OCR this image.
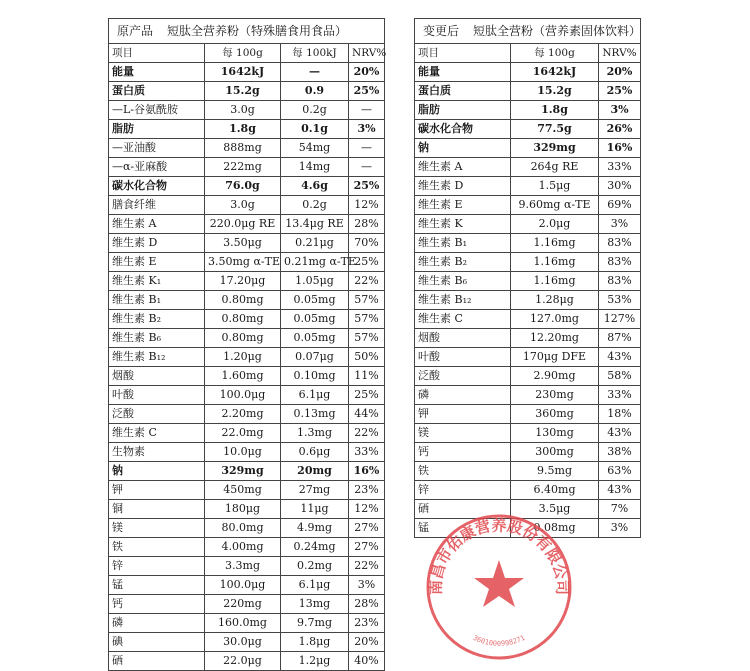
原产品 短肽全营养粉（特殊膳食用食品）			
项目	每 100g	每 100kJ	NRV%
能量	1642kJ	—	20%
蛋白质	15.2g	0.9	25%
—L-谷氨酰胺	3.0g	0.2g	—
脂肪	1.8g	0.1g	3%
—亚油酸	888mg	54mg	—
—α-亚麻酸	222mg	14mg	—
碳水化合物	76.0g	4.6g	25%
膳食纤维	3.0g	0.2g	12%
维生素 A	220.0μg RE	13.4μg RE	28%
维生素 D	3.50μg	0.21μg	70%
维生素 E	3.50mg α-TE	0.21mg α-TE	25%
维生素 K₁	17.20μg	1.05μg	22%
维生素 B₁	0.80mg	0.05mg	57%
维生素 B₂	0.80mg	0.05mg	57%
维生素 B₆	0.80mg	0.05mg	57%
维生素 B₁₂	1.20μg	0.07μg	50%
烟酸	1.60mg	0.10mg	11%
叶酸	100.0μg	6.1μg	25%
泛酸	2.20mg	0.13mg	44%
维生素 C	22.0mg	1.3mg	22%
生物素	10.0μg	0.6μg	33%
钠	329mg	20mg	16%
钾	450mg	27mg	23%
铜	180μg	11μg	12%
镁	80.0mg	4.9mg	27%
铁	4.00mg	0.24mg	27%
锌	3.3mg	0.2mg	22%
锰	100.0μg	6.1μg	3%
钙	220mg	13mg	28%
磷	160.0mg	9.7mg	23%
碘	30.0μg	1.8μg	20%
硒	22.0μg	1.2μg	40%
变更后 短肽全营粉（营养素固体饮料）		
项目	每 100g	NRV%
能量	1642kJ	20%
蛋白质	15.2g	25%
脂肪	1.8g	3%
碳水化合物	77.5g	26%
钠	329mg	16%
维生素 A	264g RE	33%
维生素 D	1.5μg	30%
维生素 E	9.60mg α-TE	69%
维生素 K	2.0μg	3%
维生素 B₁	1.16mg	83%
维生素 B₂	1.16mg	83%
维生素 B₆	1.16mg	83%
维生素 B₁₂	1.28μg	53%
维生素 C	127.0mg	127%
烟酸	12.20mg	87%
叶酸	170μg DFE	43%
泛酸	2.90mg	58%
磷	230mg	33%
钾	360mg	18%
镁	130mg	43%
钙	300mg	38%
铁	9.5mg	63%
锌	6.40mg	43%
硒	3.5μg	7%
锰	0.08mg	3%
南昌市佑康营养股份有限公司
3601000998271
